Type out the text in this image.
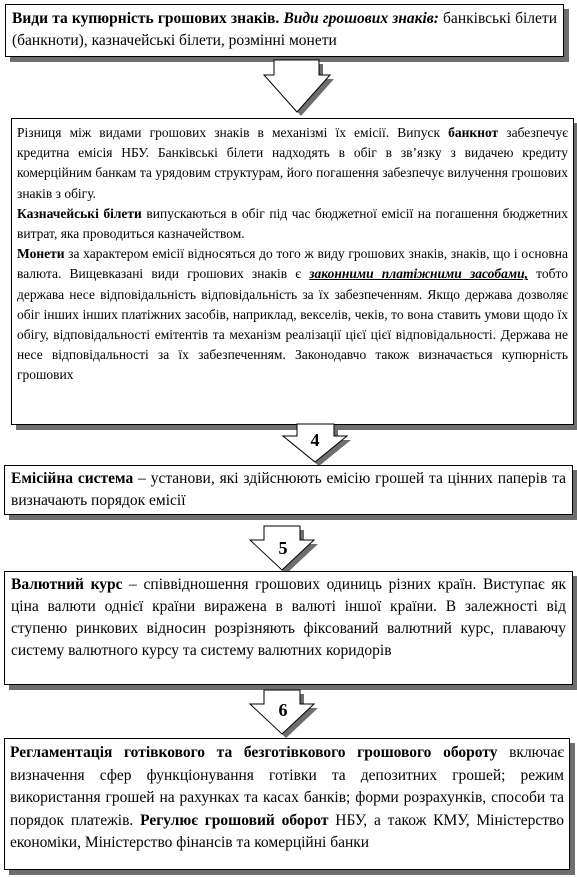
Види та купюрність грошових знаків. Види грошових знаків: банківські білети (банкноти), казначейські білети, розмінні монети
Різниця між видами грошових знаків в механізмі їх емісії. Випуск банкнот забезпечує кредитна емісія НБУ. Банківські білети надходять в обіг в зв’язку з видачею кредиту комерційним банкам та урядовим структурам, його погашення забезпечує вилучення грошових знаків з обігу.
Казначейські білети випускаються в обіг під час бюджетної емісії на погашення бюджетних витрат, яка проводиться казначейством.
Монети за характером емісії відносяться до того ж виду грошових знаків, знаків, що і основна валюта. Вищевказані види грошових знаків є законними платіжними засобами, тобто держава несе відповідальність відповідальність за їх забезпеченням. Якщо держава дозволяє обіг інших інших платіжних засобів, наприклад, векселів, чеків, то вона ставить умови щодо їх обігу, відповідальності емітентів та механізм реалізації цієї цієї відповідальності. Держава не несе відповідальності за їх забезпеченням. Законодавчо також визначається купюрність грошових
4
Емісійна система – установи, які здійснюють емісію грошей та цінних паперів та визначають порядок емісії
5
Валютний курс – співвідношення грошових одиниць різних країн. Виступає як ціна валюти однієї країни виражена в валюті іншої країни. В залежності від ступеню ринкових відносин розрізняють фіксований валютний курс, плаваючу систему валютного курсу та систему валютних коридорів
6
Регламентація готівкового та безготівкового грошового обороту включає визначення сфер функціонування готівки та депозитних грошей; режим використання грошей на рахунках та касах банків; форми розрахунків, способи та порядок платежів. Регулює грошовий оборот НБУ, а також КМУ, Міністерство економіки, Міністерство фінансів та комерційні банки
